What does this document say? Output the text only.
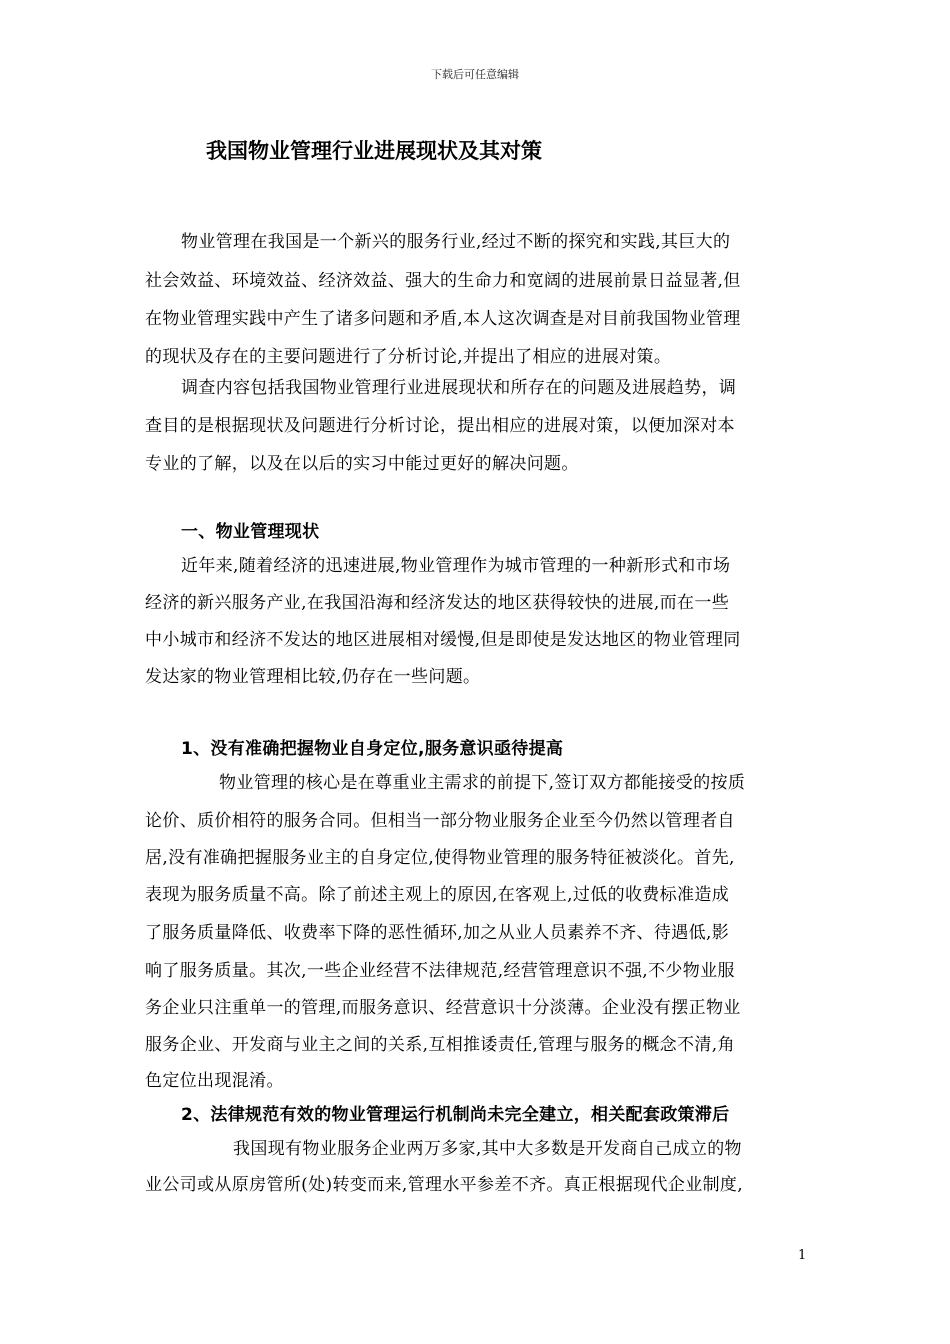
下载后可任意编辑
我国物业管理行业进展现状及其对策
物业管理在我国是一个新兴的服务行业,经过不断的探究和实践,其巨大的
社会效益、环境效益、经济效益、强大的生命力和宽阔的进展前景日益显著,但
在物业管理实践中产生了诸多问题和矛盾,本人这次调查是对目前我国物业管理
的现状及存在的主要问题进行了分析讨论,并提出了相应的进展对策。
调查内容包括我国物业管理行业进展现状和所存在的问题及进展趋势，调
查目的是根据现状及问题进行分析讨论，提出相应的进展对策，以便加深对本
专业的了解，以及在以后的实习中能过更好的解决问题。
一、物业管理现状
近年来,随着经济的迅速进展,物业管理作为城市管理的一种新形式和市场
经济的新兴服务产业,在我国沿海和经济发达的地区获得较快的进展,而在一些
中小城市和经济不发达的地区进展相对缓慢,但是即使是发达地区的物业管理同
发达家的物业管理相比较,仍存在一些问题。
1、没有准确把握物业自身定位,服务意识亟待提高
物业管理的核心是在尊重业主需求的前提下,签订双方都能接受的按质
论价、质价相符的服务合同。但相当一部分物业服务企业至今仍然以管理者自
居,没有准确把握服务业主的自身定位,使得物业管理的服务特征被淡化。首先,
表现为服务质量不高。除了前述主观上的原因,在客观上,过低的收费标准造成
了服务质量降低、收费率下降的恶性循环,加之从业人员素养不齐、待遇低,影
响了服务质量。其次,一些企业经营不法律规范,经营管理意识不强,不少物业服
务企业只注重单一的管理,而服务意识、经营意识十分淡薄。企业没有摆正物业
服务企业、开发商与业主之间的关系,互相推诿责任,管理与服务的概念不清,角
色定位出现混淆。
2、法律规范有效的物业管理运行机制尚未完全建立，相关配套政策滞后
我国现有物业服务企业两万多家,其中大多数是开发商自己成立的物
业公司或从原房管所(处)转变而来,管理水平参差不齐。真正根据现代企业制度,
1
